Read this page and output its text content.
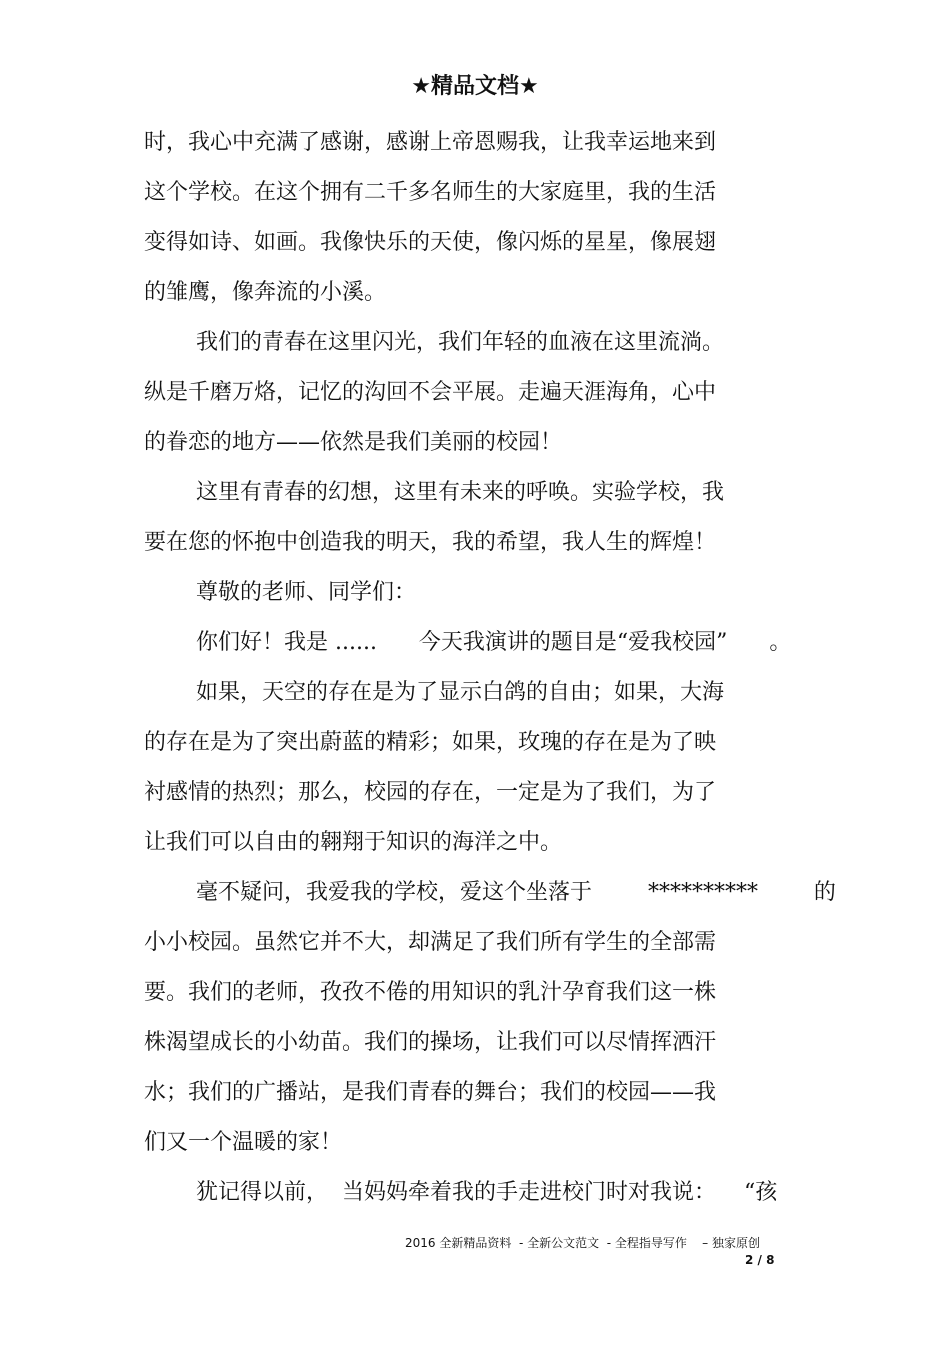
★精品文档★
时，我心中充满了感谢，感谢上帝恩赐我，让我幸运地来到
这个学校。在这个拥有二千多名师生的大家庭里，我的生活
变得如诗、如画。我像快乐的天使，像闪烁的星星，像展翅
的雏鹰，像奔流的小溪。
我们的青春在这里闪光，我们年轻的血液在这里流淌。
纵是千磨万烙，记忆的沟回不会平展。走遍天涯海角，心中
的眷恋的地方——依然是我们美丽的校园！
这里有青春的幻想，这里有未来的呼唤。实验学校，我
要在您的怀抱中创造我的明天，我的希望，我人生的辉煌！
尊敬的老师、同学们：
你们好！我是 ......      今天我演讲的题目是“爱我校园”      。
如果，天空的存在是为了显示白鸽的自由；如果，大海
的存在是为了突出蔚蓝的精彩；如果，玫瑰的存在是为了映
衬感情的热烈；那么，校园的存在，一定是为了我们，为了
让我们可以自由的翱翔于知识的海洋之中。
毫不疑问，我爱我的学校，爱这个坐落于        **********        的
小小校园。虽然它并不大，却满足了我们所有学生的全部需
要。我们的老师，孜孜不倦的用知识的乳汁孕育我们这一株
株渴望成长的小幼苗。我们的操场，让我们可以尽情挥洒汗
水；我们的广播站，是我们青春的舞台；我们的校园——我
们又一个温暖的家！
犹记得以前，  当妈妈牵着我的手走进校门时对我说：    “孩
2016 全新精品资料  - 全新公文范文  - 全程指导写作    – 独家原创
2 / 8
